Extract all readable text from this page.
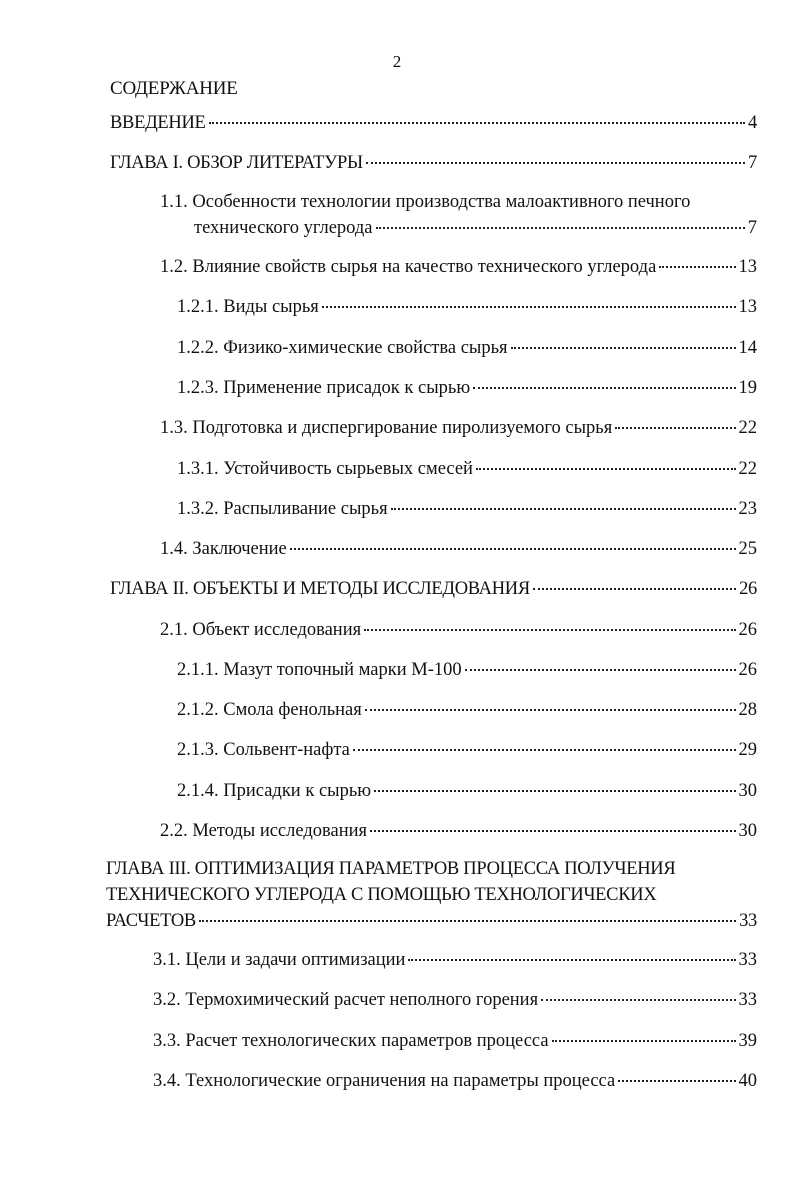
2
СОДЕРЖАНИЕ
ВВЕДЕНИЕ	4
ГЛАВА I. ОБЗОР ЛИТЕРАТУРЫ	7
1.1. Особенности технологии производства малоактивного печного
технического углерода	7
1.2. Влияние свойств сырья на качество технического углерода	13
1.2.1. Виды сырья	13
1.2.2. Физико-химические свойства сырья	14
1.2.3. Применение присадок к сырью	19
1.3. Подготовка и диспергирование пиролизуемого сырья	22
1.3.1. Устойчивость сырьевых смесей	22
1.3.2. Распыливание сырья	23
1.4. Заключение	25
ГЛАВА II. ОБЪЕКТЫ И МЕТОДЫ ИССЛЕДОВАНИЯ	26
2.1. Объект исследования	26
2.1.1. Мазут топочный марки М-100	26
2.1.2. Смола фенольная	28
2.1.3. Сольвент-нафта	29
2.1.4. Присадки к сырью	30
2.2. Методы исследования	30
ГЛАВА III. ОПТИМИЗАЦИЯ ПАРАМЕТРОВ ПРОЦЕССА ПОЛУЧЕНИЯ
ТЕХНИЧЕСКОГО УГЛЕРОДА С ПОМОЩЬЮ ТЕХНОЛОГИЧЕСКИХ
РАСЧЕТОВ	33
3.1. Цели и задачи оптимизации	33
3.2. Термохимический расчет неполного горения	33
3.3. Расчет технологических параметров процесса	39
3.4. Технологические ограничения на параметры процесса	40
